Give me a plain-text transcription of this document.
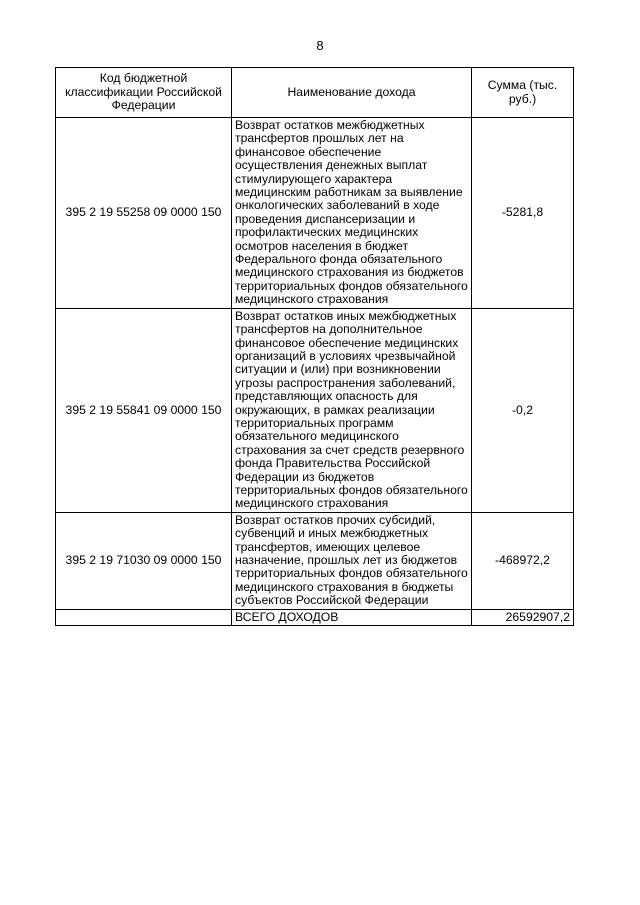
8
Код бюджетной классификации Российской Федерации	Наименование дохода	Сумма (тыс. руб.)
395 2 19 55258 09 0000 150	Возврат остатков межбюджетных трансфертов прошлых лет на финансовое обеспечение осуществления денежных выплат стимулирующего характера медицинским работникам за выявление онкологических заболеваний в ходе проведения диспансеризации и профилактических медицинских осмотров населения в бюджет Федерального фонда обязательного медицинского страхования из бюджетов территориальных фондов обязательного медицинского страхования	-5281,8
395 2 19 55841 09 0000 150	Возврат остатков иных межбюджетных трансфертов на дополнительное финансовое обеспечение медицинских организаций в условиях чрезвычайной ситуации и (или) при возникновении угрозы распространения заболеваний, представляющих опасность для окружающих, в рамках реализации территориальных программ обязательного медицинского страхования за счет средств резервного фонда Правительства Российской Федерации из бюджетов территориальных фондов обязательного медицинского страхования	-0,2
395 2 19 71030 09 0000 150	Возврат остатков прочих субсидий, субвенций и иных межбюджетных трансфертов, имеющих целевое назначение, прошлых лет из бюджетов территориальных фондов обязательного медицинского страхования в бюджеты субъектов Российской Федерации	-468972,2
	ВСЕГО ДОХОДОВ	26592907,2
